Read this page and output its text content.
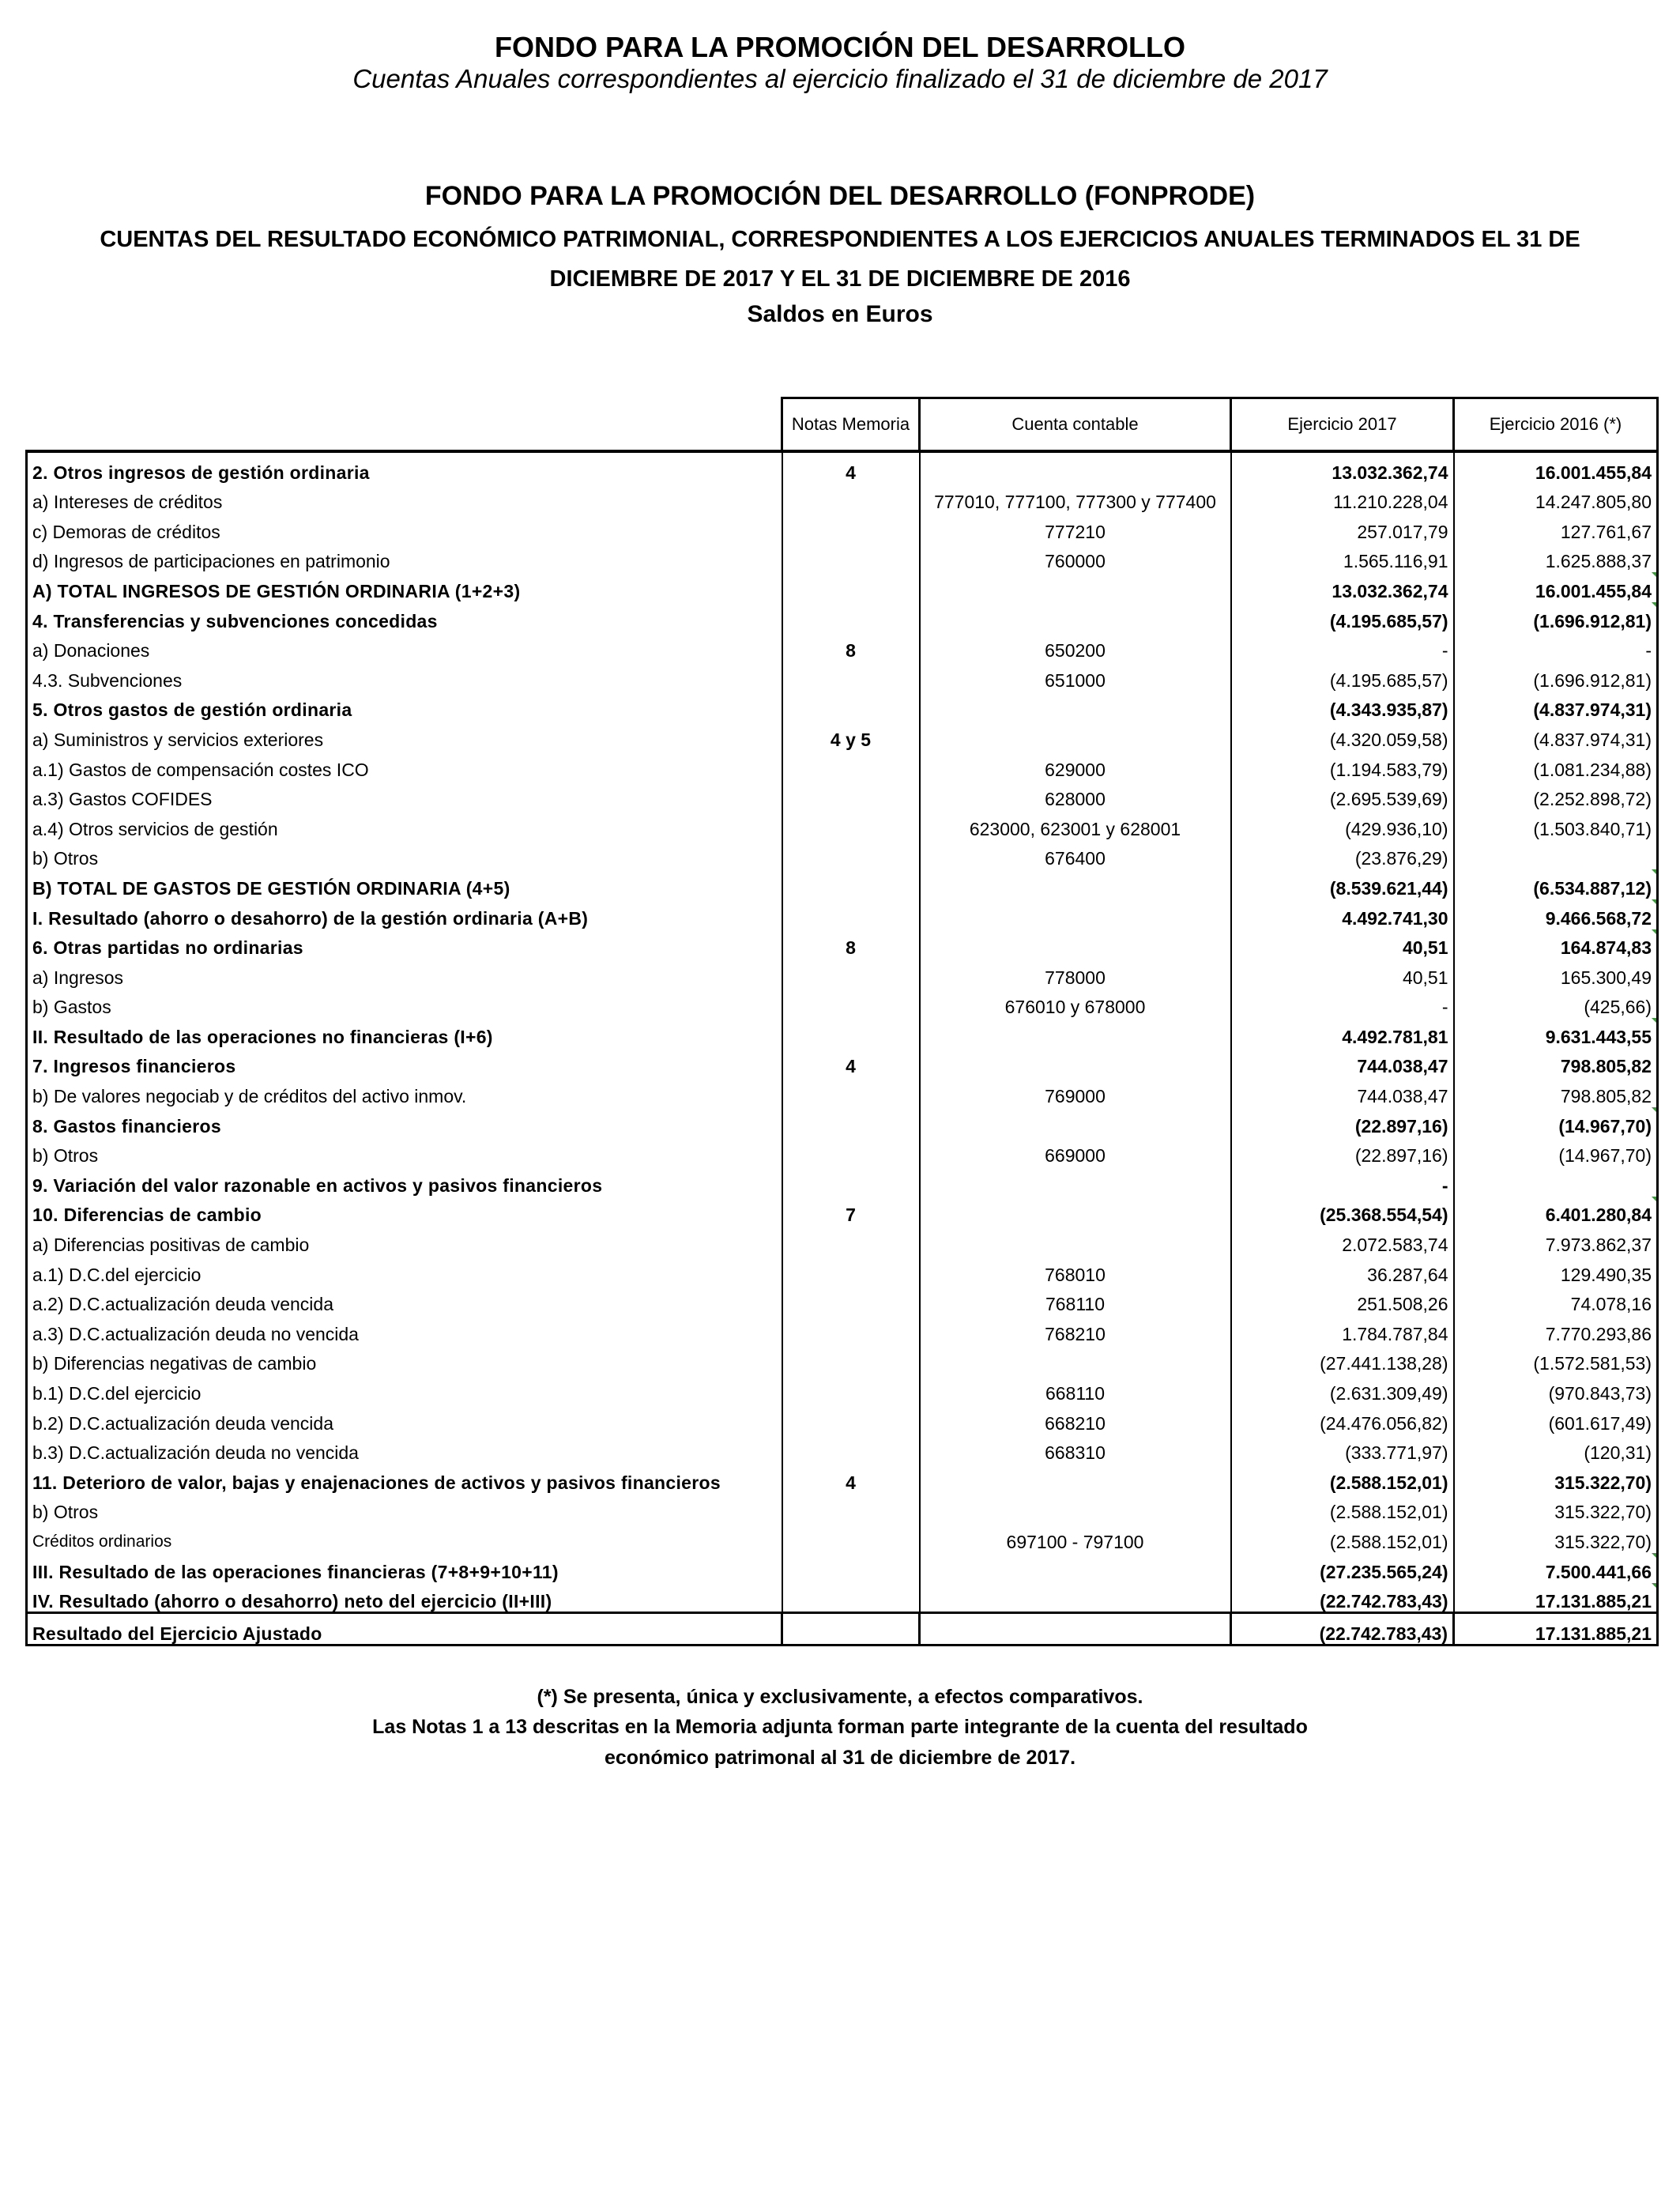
FONDO PARA LA PROMOCIÓN DEL DESARROLLO
Cuentas Anuales correspondientes al ejercicio finalizado el 31 de diciembre de 2017
FONDO PARA LA PROMOCIÓN DEL DESARROLLO (FONPRODE)
CUENTAS DEL RESULTADO ECONÓMICO PATRIMONIAL, CORRESPONDIENTES A LOS EJERCICIOS ANUALES TERMINADOS EL 31 DE DICIEMBRE DE 2017 Y EL 31 DE DICIEMBRE DE 2016
Saldos en Euros
	Notas Memoria	Cuenta contable	Ejercicio 2017	Ejercicio 2016 (*)
2. Otros ingresos de gestión ordinaria	4		13.032.362,74	16.001.455,84
a) Intereses de créditos		777010, 777100, 777300 y 777400	11.210.228,04	14.247.805,80
c) Demoras de créditos		777210	257.017,79	127.761,67
d) Ingresos de participaciones en patrimonio		760000	1.565.116,91	1.625.888,37
A) TOTAL INGRESOS DE GESTIÓN ORDINARIA (1+2+3)			13.032.362,74	16.001.455,84

4. Transferencias y subvenciones concedidas			(4.195.685,57)	(1.696.912,81)

a) Donaciones	8	650200	-	-
4.3. Subvenciones		651000	(4.195.685,57)	(1.696.912,81)
5. Otros gastos de gestión ordinaria			(4.343.935,87)	(4.837.974,31)
a) Suministros y servicios exteriores	4 y 5		(4.320.059,58)	(4.837.974,31)
a.1) Gastos de compensación costes ICO		629000	(1.194.583,79)	(1.081.234,88)
a.3) Gastos COFIDES		628000	(2.695.539,69)	(2.252.898,72)
a.4) Otros servicios de gestión		623000, 623001 y 628001	(429.936,10)	(1.503.840,71)
b) Otros		676400	(23.876,29)	
B) TOTAL DE GASTOS DE GESTIÓN ORDINARIA (4+5)			(8.539.621,44)	(6.534.887,12)

I. Resultado (ahorro o desahorro) de la gestión ordinaria (A+B)			4.492.741,30	9.466.568,72

6. Otras partidas no ordinarias	8		40,51	164.874,83

a) Ingresos		778000	40,51	165.300,49
b) Gastos		676010 y 678000	-	(425,66)
II. Resultado de las operaciones no financieras (I+6)			4.492.781,81	9.631.443,55

7. Ingresos financieros	4		744.038,47	798.805,82
b) De valores negociab y de créditos del activo inmov.		769000	744.038,47	798.805,82
8. Gastos financieros			(22.897,16)	(14.967,70)

b) Otros		669000	(22.897,16)	(14.967,70)
9. Variación del valor razonable en activos y pasivos financieros			-	
10. Diferencias de cambio	7		(25.368.554,54)	6.401.280,84

a) Diferencias positivas de cambio			2.072.583,74	7.973.862,37
a.1) D.C.del ejercicio		768010	36.287,64	129.490,35
a.2) D.C.actualización deuda vencida		768110	251.508,26	74.078,16
a.3) D.C.actualización deuda no vencida		768210	1.784.787,84	7.770.293,86
b) Diferencias negativas de cambio			(27.441.138,28)	(1.572.581,53)
b.1) D.C.del ejercicio		668110	(2.631.309,49)	(970.843,73)
b.2) D.C.actualización deuda vencida		668210	(24.476.056,82)	(601.617,49)
b.3) D.C.actualización deuda no vencida		668310	(333.771,97)	(120,31)
11. Deterioro de valor, bajas y enajenaciones de activos y pasivos financieros	4		(2.588.152,01)	315.322,70)
b) Otros			(2.588.152,01)	315.322,70)
Créditos ordinarios		697100 - 797100	(2.588.152,01)	315.322,70)
III. Resultado de las operaciones financieras (7+8+9+10+11)			(27.235.565,24)	7.500.441,66

IV. Resultado (ahorro o desahorro) neto del ejercicio (II+III)			(22.742.783,43)	17.131.885,21

Resultado del Ejercicio Ajustado			(22.742.783,43)	17.131.885,21
(*) Se presenta, única y exclusivamente, a efectos comparativos.
Las Notas 1 a 13 descritas en la Memoria adjunta forman parte integrante de la cuenta del resultado económico patrimonal al 31 de diciembre de 2017.
